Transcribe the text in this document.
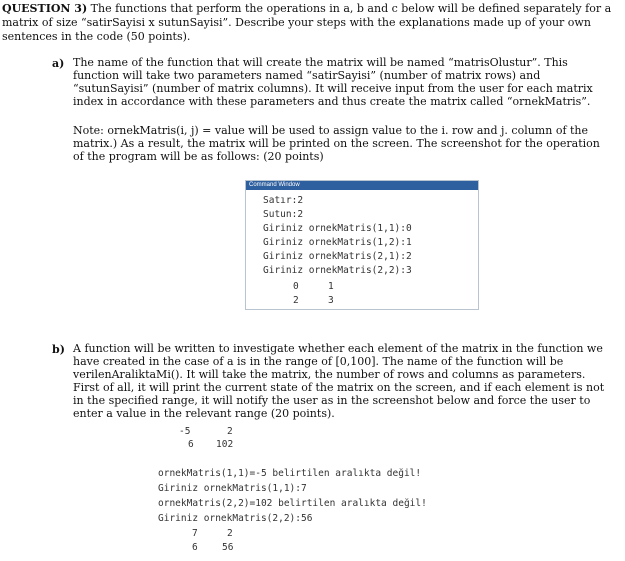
QUESTION 3) The functions that perform the operations in a, b and c below will be defined separately for a matrix of size “satirSayisi x sutunSayisi”. Describe your steps with the explanations made up of your own sentences in the code (50 points).
a) The name of the function that will create the matrix will be named “matrisOlustur”. This function will take two parameters named “satirSayisi” (number of matrix rows) and “sutunSayisi” (number of matrix columns). It will receive input from the user for each matrix index in accordance with these parameters and thus create the matrix called “ornekMatris”.
Note: ornekMatris(i, j) = value will be used to assign value to the i. row and j. column of the matrix.) As a result, the matrix will be printed on the screen. The screenshot for the operation of the program will be as follows: (20 points)
Command Window
Satır:2
Sutun:2
Giriniz ornekMatris(1,1):0
Giriniz ornekMatris(1,2):1
Giriniz ornekMatris(2,1):2
Giriniz ornekMatris(2,2):3
0	1
2	3
b) A function will be written to investigate whether each element of the matrix in the function we have created in the case of a is in the range of [0,100]. The name of the function will be verilenAraliktaMi(). It will take the matrix, the number of rows and columns as parameters. First of all, it will print the current state of the matrix on the screen, and if each element is not in the specified range, it will notify the user as in the screenshot below and force the user to enter a value in the relevant range (20 points).
-5	2
6 102
ornekMatris(1,1)=-5 belirtilen aralıkta değil!
Giriniz ornekMatris(1,1):7
ornekMatris(2,2)=102 belirtilen aralıkta değil!
Giriniz ornekMatris(2,2):56
7	2
6	56
